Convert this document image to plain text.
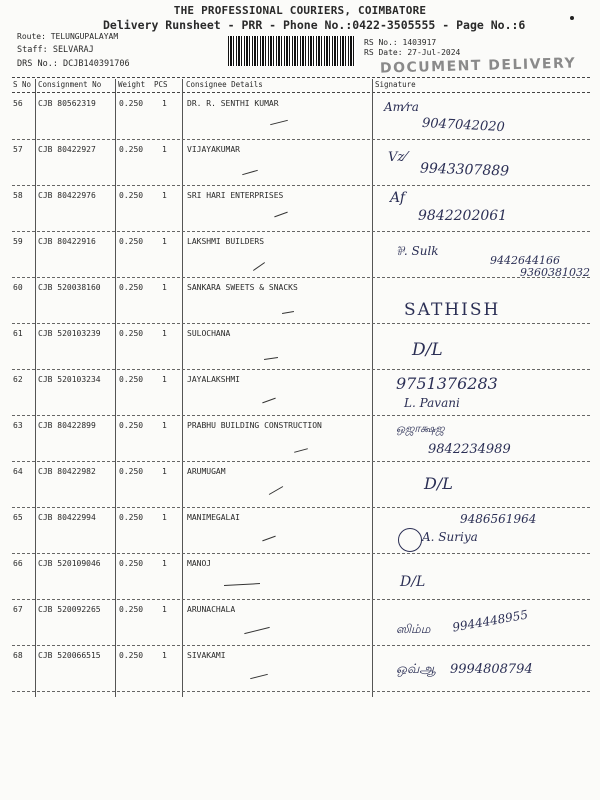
THE PROFESSIONAL COURIERS, COIMBATORE
Delivery Runsheet - PRR - Phone No.:0422-3505555 - Page No.:6
Route: TELUNGUPALAYAM
Staff: SELVARAJ
DRS No.: DCJB140391706
RS No.: 1403917
RS Date: 27-Jul-2024
DOCUMENT DELIVERY
S No Consignment No Weight PCS Consignee Details	Signature
56 CJB 80562319	0.250 1	DR. R. SENTHI KUMAR	Am⁄ra
9047042020
57 CJB 80422927	0.250 1	VIJAYAKUMAR
Vz⁄
9943307889
58 CJB 80422976	0.250 1	SRI HARI ENTERPRISES	Af
9842202061
59 CJB 80422916	0.250 1	LAKSHMI BUILDERS
⅌. Sulk
9442644166
9360381032
60 CJB 520038160 0.250 1	SANKARA SWEETS & SNACKS
SATHISH
61 CJB 520103239 0.250 1	SULOCHANA
D/L
62 CJB 520103234 0.250 1	JAYALAKSHMI	9751376283
L. Pavani
63 CJB 80422899	0.250 1	PRABHU BUILDING CONSTRUCTION	ஒஜாக்ஷஜ
9842234989
64 CJB 80422982	0.250 1	ARUMUGAM
D/L
65 CJB 80422994	0.250 1	MANIMEGALAI	9486561964
A. Suriya
66 CJB 520109046 0.250 1	MANOJ
D/L
67 CJB 520092265 0.250 1	ARUNACHALA
ஸிம்ம 9944448955
68 CJB 520066515 0.250 1	SIVAKAMI
ஒவ்ஆ 9994808794
